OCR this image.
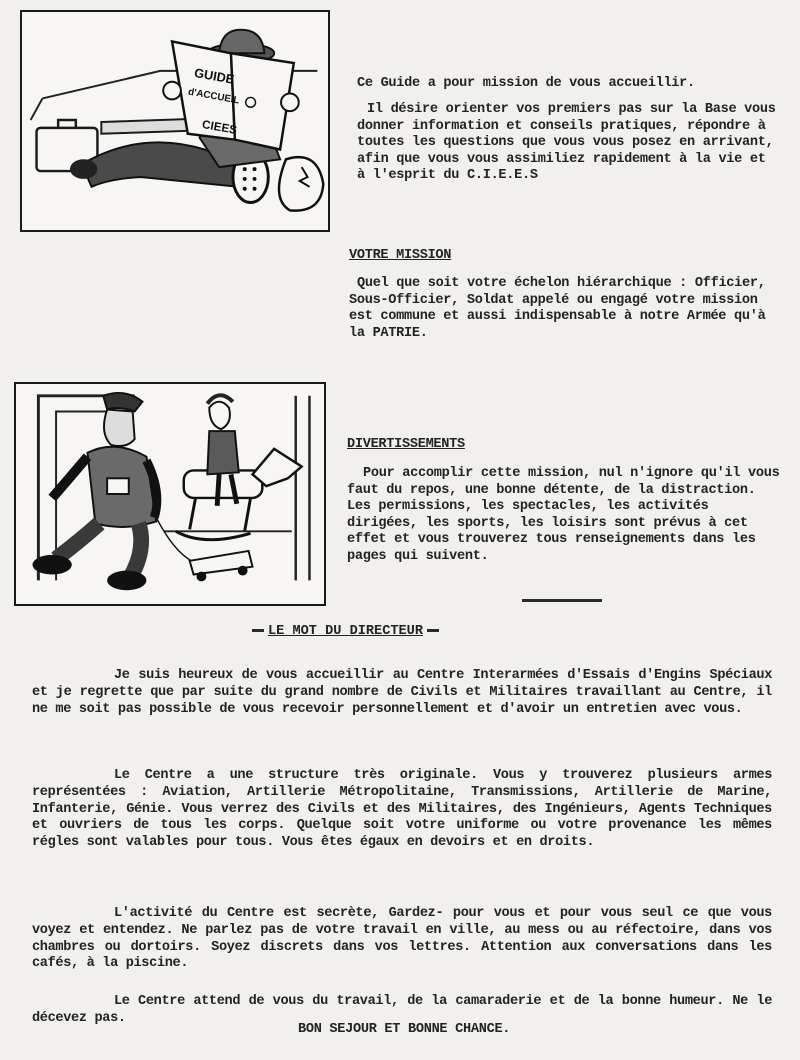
GUIDE
d'ACCUEIL
CIEES
Ce Guide a pour mission de vous accueillir.
Il désire orienter vos premiers pas sur la Base vous donner information et conseils pratiques, répondre à toutes les questions que vous vous posez en arrivant, afin que vous vous assimiliez rapidement à la vie et à l'esprit du C.I.E.E.S
VOTRE MISSION
Quel que soit votre échelon hiérarchique : Officier, Sous-Officier, Soldat appelé ou engagé votre mission est commune et aussi indispensable à notre Armée qu'à la PATRIE.
DIVERTISSEMENTS
Pour accomplir cette mission, nul n'ignore qu'il vous faut du repos, une bonne détente, de la distraction. Les permissions, les spectacles, les activités dirigées, les sports, les loisirs sont prévus à cet effet et vous trouverez tous renseignements dans les pages qui suivent.
LE MOT DU DIRECTEUR
Je suis heureux de vous accueillir au Centre Interarmées d'Essais d'Engins Spéciaux et je regrette que par suite du grand nombre de Civils et Militaires travaillant au Centre, il ne me soit pas possible de vous recevoir personnellement et d'avoir un entretien avec vous.
Le Centre a une structure très originale. Vous y trouverez plusieurs armes représentées : Aviation, Artillerie Métropolitaine, Transmissions, Artillerie de Marine, Infanterie, Génie. Vous verrez des Civils et des Militaires, des Ingénieurs, Agents Techniques et ouvriers de tous les corps. Quelque soit votre uniforme ou votre provenance les mêmes régles sont valables pour tous. Vous êtes égaux en devoirs et en droits.
L'activité du Centre est secrète, Gardez- pour vous et pour vous seul ce que vous voyez et entendez. Ne parlez pas de votre travail en ville, au mess ou au réfectoire, dans vos chambres ou dortoirs. Soyez discrets dans vos lettres. Attention aux conversations dans les cafés, à la piscine.
Le Centre attend de vous du travail, de la camaraderie et de la bonne humeur. Ne le décevez pas.
BON SEJOUR ET BONNE CHANCE.
